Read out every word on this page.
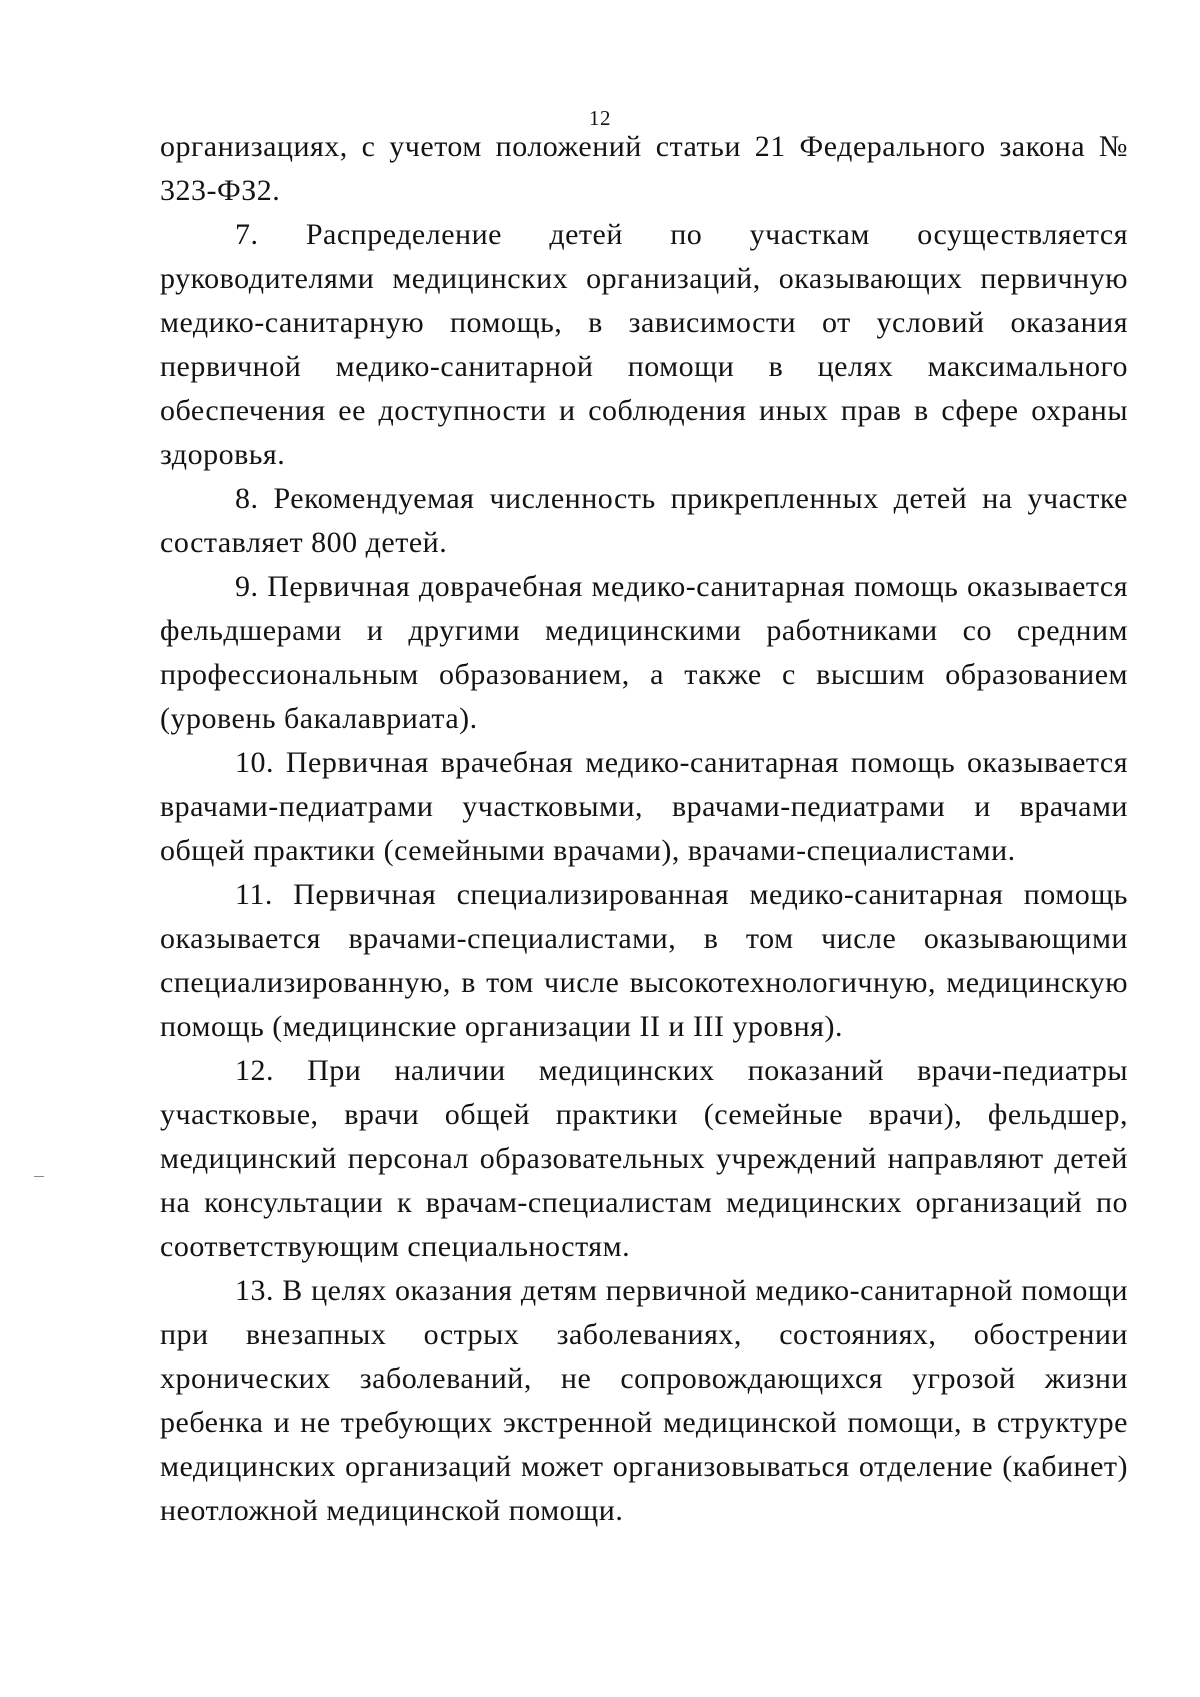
12

организациях, с учетом положений статьи 21 Федерального закона № 323-ФЗ2.

7. Распределение детей по участкам осуществляется руководителями медицинских организаций, оказывающих первичную медико-санитарную помощь, в зависимости от условий оказания первичной медико-санитарной помощи в целях максимального обеспечения ее доступности и соблюдения иных прав в сфере охраны здоровья.

8. Рекомендуемая численность прикрепленных детей на участке составляет 800 детей.

9. Первичная доврачебная медико-санитарная помощь оказывается фельдшерами и другими медицинскими работниками со средним профессиональным образованием, а также с высшим образованием (уровень бакалавриата).

10. Первичная врачебная медико-санитарная помощь оказывается врачами-педиатрами участковыми, врачами-педиатрами и врачами общей практики (семейными врачами), врачами-специалистами.

11. Первичная специализированная медико-санитарная помощь оказывается врачами-специалистами, в том числе оказывающими специализированную, в том числе высокотехнологичную, медицинскую помощь (медицинские организации II и III уровня).

12. При наличии медицинских показаний врачи-педиатры участковые, врачи общей практики (семейные врачи), фельдшер, медицинский персонал образовательных учреждений направляют детей на консультации к врачам-специалистам медицинских организаций по соответствующим специальностям.

13. В целях оказания детям первичной медико-санитарной помощи при внезапных острых заболеваниях, состояниях, обострении хронических заболеваний, не сопровождающихся угрозой жизни ребенка и не требующих экстренной медицинской помощи, в структуре медицинских организаций может организовываться отделение (кабинет) неотложной медицинской помощи.
